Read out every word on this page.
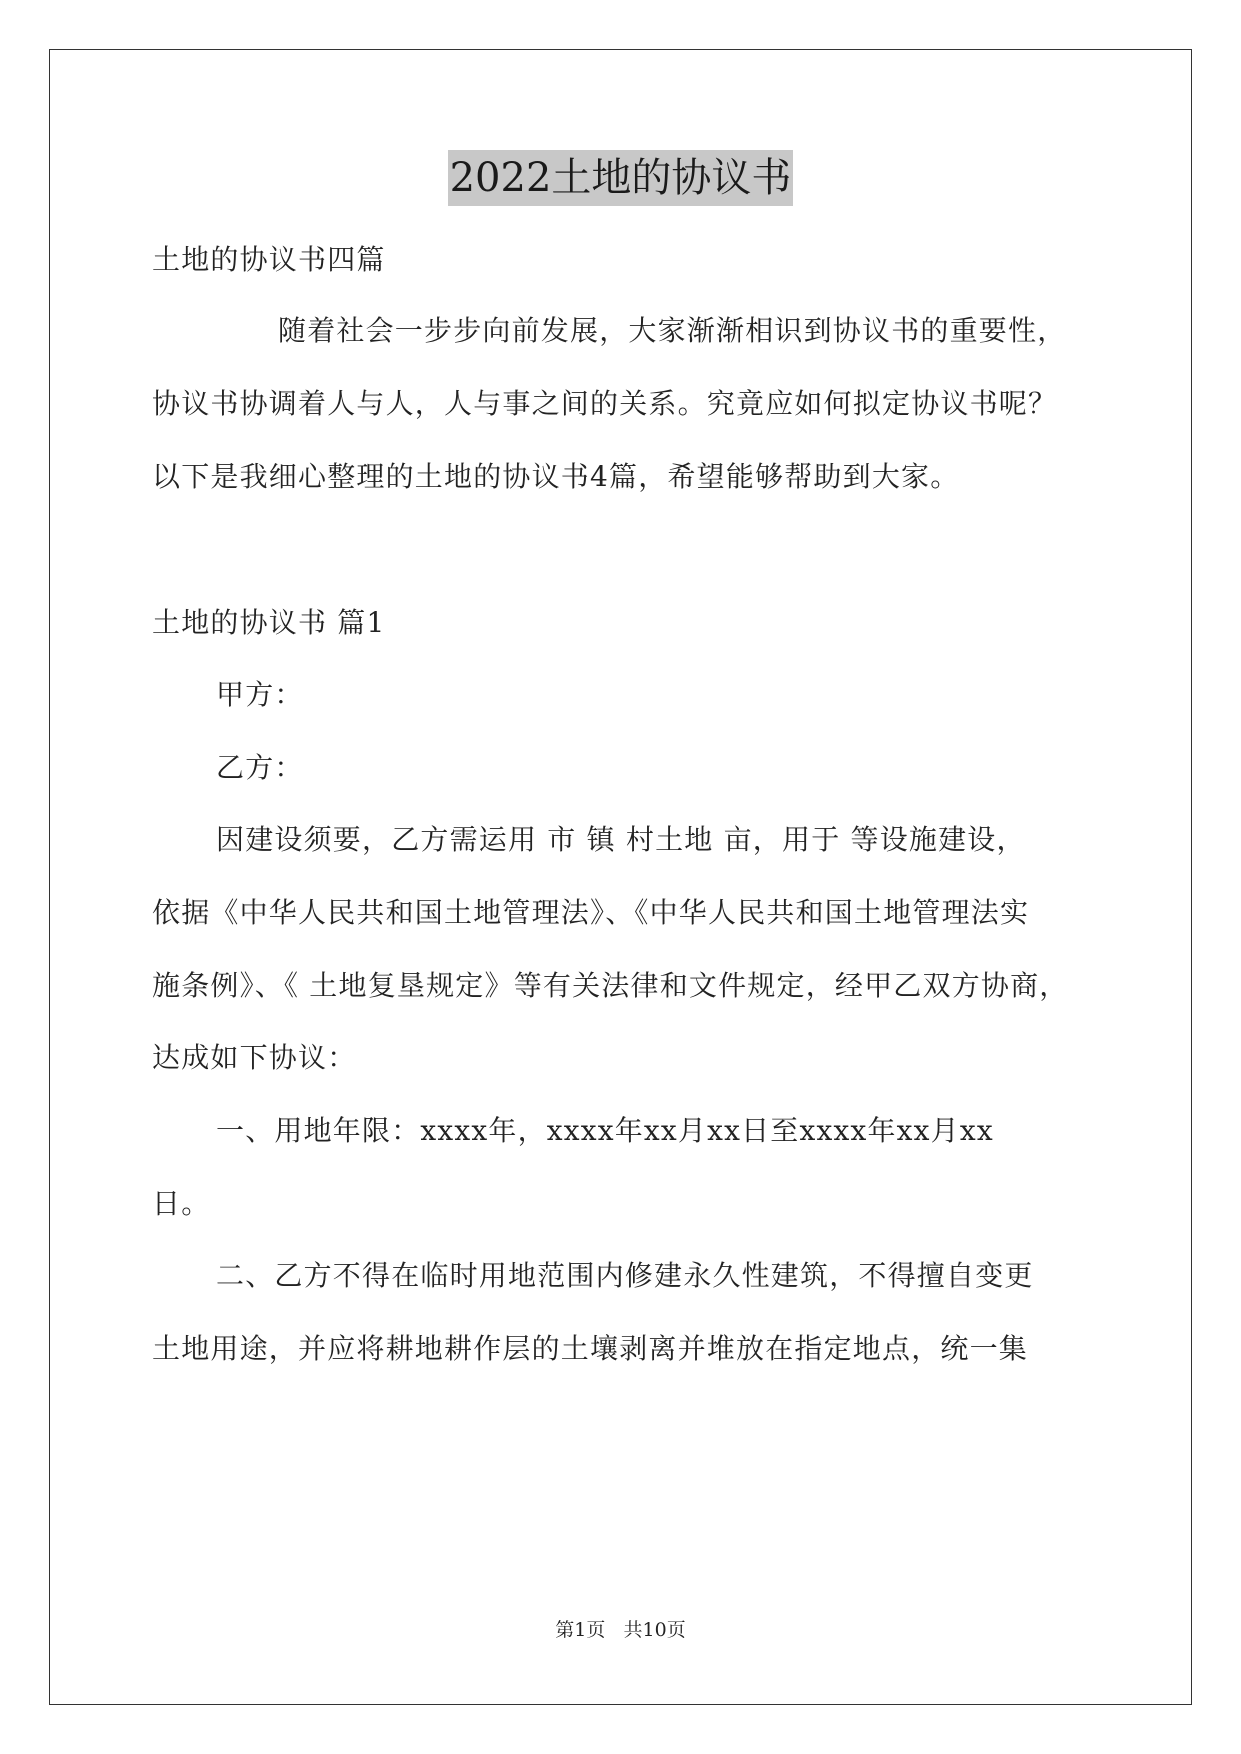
2022土地的协议书
土地的协议书四篇
随着社会一步步向前发展，大家渐渐相识到协议书的重要性，
协议书协调着人与人，人与事之间的关系。究竟应如何拟定协议书呢？
以下是我细心整理的土地的协议书4篇，希望能够帮助到大家。
土地的协议书 篇1
甲方：
乙方：
因建设须要，乙方需运用 市 镇 村土地 亩，用于 等设施建设，
依据《中华人民共和国土地管理法》、《中华人民共和国土地管理法实
施条例》、《 土地复垦规定》等有关法律和文件规定，经甲乙双方协商，
达成如下协议：
一、用地年限：xxxx年，xxxx年xx月xx日至xxxx年xx月xx
日。
二、乙方不得在临时用地范围内修建永久性建筑，不得擅自变更
土地用途，并应将耕地耕作层的土壤剥离并堆放在指定地点，统一集
第1页 共10页
